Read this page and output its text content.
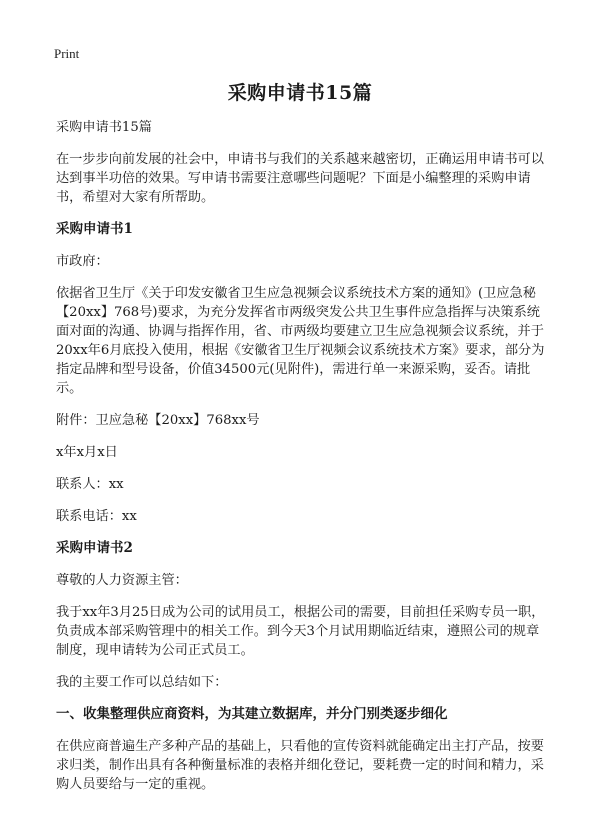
Print
采购申请书15篇

采购申请书15篇

在一步步向前发展的社会中，申请书与我们的关系越来越密切，正确运用申请书可以达到事半功倍的效果。写申请书需要注意哪些问题呢？下面是小编整理的采购申请书，希望对大家有所帮助。

采购申请书1

市政府：

依据省卫生厅《关于印发安徽省卫生应急视频会议系统技术方案的通知》(卫应急秘【20xx】768号)要求，为充分发挥省市两级突发公共卫生事件应急指挥与决策系统面对面的沟通、协调与指挥作用，省、市两级均要建立卫生应急视频会议系统，并于20xx年6月底投入使用，根据《安徽省卫生厅视频会议系统技术方案》要求，部分为指定品牌和型号设备，价值34500元(见附件)，需进行单一来源采购，妥否。请批示。

附件：卫应急秘【20xx】768xx号

x年x月x日

联系人：xx

联系电话：xx

采购申请书2

尊敬的人力资源主管：

我于xx年3月25日成为公司的试用员工，根据公司的需要，目前担任采购专员一职，负责成本部采购管理中的相关工作。到今天3个月试用期临近结束，遵照公司的规章制度，现申请转为公司正式员工。

我的主要工作可以总结如下：

一、收集整理供应商资料，为其建立数据库，并分门别类逐步细化

在供应商普遍生产多种产品的基础上，只看他的宣传资料就能确定出主打产品，按要求归类，制作出具有各种衡量标准的表格并细化登记，要耗费一定的时间和精力，采购人员要给与一定的重视。
